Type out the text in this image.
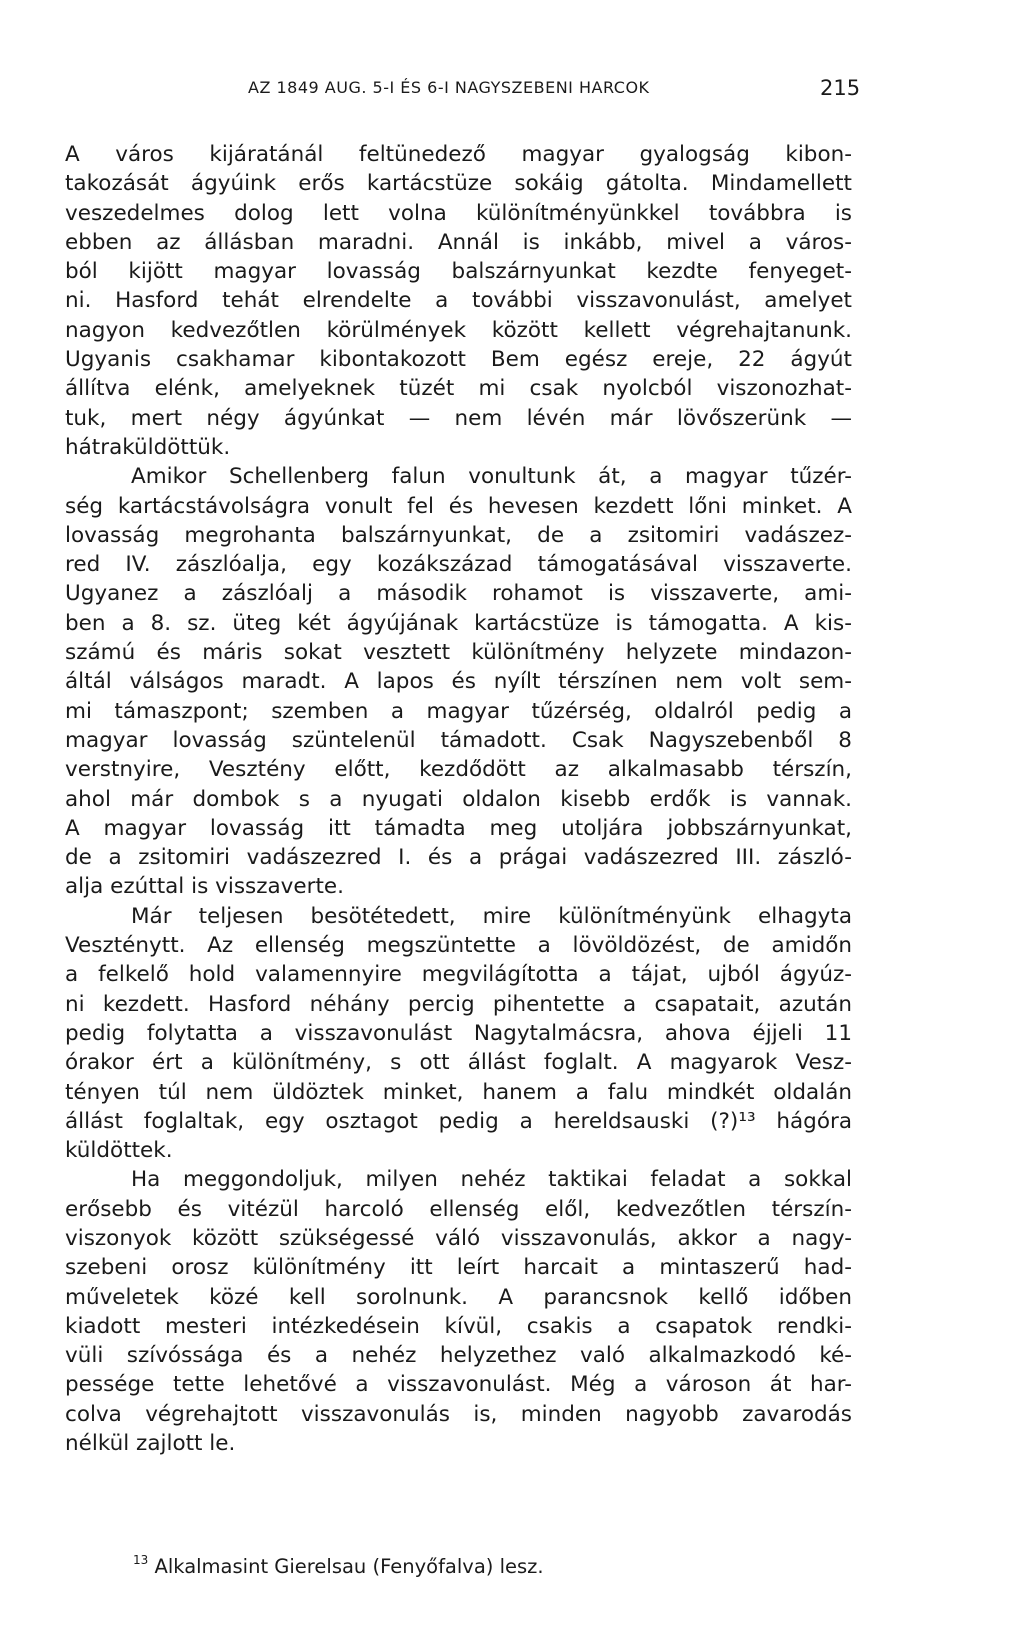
AZ 1849 AUG. 5-I ÉS 6-I NAGYSZEBENI HARCOK	215
A város kijáratánál feltünedező magyar gyalogság kibon-
takozását ágyúink erős kartácstüze sokáig gátolta. Mindamellett
veszedelmes dolog lett volna különítményünkkel továbbra is
ebben az állásban maradni. Annál is inkább, mivel a város-
ból kijött magyar lovasság balszárnyunkat kezdte fenyeget-
ni. Hasford tehát elrendelte a további visszavonulást, amelyet
nagyon kedvezőtlen körülmények között kellett végrehajtanunk.
Ugyanis csakhamar kibontakozott Bem egész ereje, 22 ágyút
állítva elénk, amelyeknek tüzét mi csak nyolcból viszonozhat-
tuk, mert négy ágyúnkat — nem lévén már lövőszerünk —
hátraküldöttük.
Amikor Schellenberg falun vonultunk át, a magyar tűzér-
ség kartácstávolságra vonult fel és hevesen kezdett lőni minket. A
lovasság megrohanta balszárnyunkat, de a zsitomiri vadászez-
red IV. zászlóalja, egy kozákszázad támogatásával visszaverte.
Ugyanez a zászlóalj a második rohamot is visszaverte, ami-
ben a 8. sz. üteg két ágyújának kartácstüze is támogatta. A kis-
számú és máris sokat vesztett különítmény helyzete mindazon-
áltál válságos maradt. A lapos és nyílt térszínen nem volt sem-
mi támaszpont; szemben a magyar tűzérség, oldalról pedig a
magyar lovasság szüntelenül támadott. Csak Nagyszebenből 8
verstnyire, Vesztény előtt, kezdődött az alkalmasabb térszín,
ahol már dombok s a nyugati oldalon kisebb erdők is vannak.
A magyar lovasság itt támadta meg utoljára jobbszárnyunkat,
de a zsitomiri vadászezred I. és a prágai vadászezred III. zászló-
alja ezúttal is visszaverte.
Már teljesen besötétedett, mire különítményünk elhagyta
Veszténytt. Az ellenség megszüntette a lövöldözést, de amidőn
a felkelő hold valamennyire megvilágította a tájat, ujból ágyúz-
ni kezdett. Hasford néhány percig pihentette a csapatait, azután
pedig folytatta a visszavonulást Nagytalmácsra, ahova éjjeli 11
órakor ért a különítmény, s ott állást foglalt. A magyarok Vesz-
tényen túl nem üldöztek minket, hanem a falu mindkét oldalán
állást foglaltak, egy osztagot pedig a hereldsauski (?)¹³ hágóra
küldöttek.
Ha meggondoljuk, milyen nehéz taktikai feladat a sokkal
erősebb és vitézül harcoló ellenség elől, kedvezőtlen térszín-
viszonyok között szükségessé váló visszavonulás, akkor a nagy-
szebeni orosz különítmény itt leírt harcait a mintaszerű had-
műveletek közé kell sorolnunk. A parancsnok kellő időben
kiadott mesteri intézkedésein kívül, csakis a csapatok rendki-
vüli szívóssága és a nehéz helyzethez való alkalmazkodó ké-
pessége tette lehetővé a visszavonulást. Még a városon át har-
colva végrehajtott visszavonulás is, minden nagyobb zavarodás
nélkül zajlott le.
$^{13}$ Alkalmasint Gierelsau (Fenyőfalva) lesz.
